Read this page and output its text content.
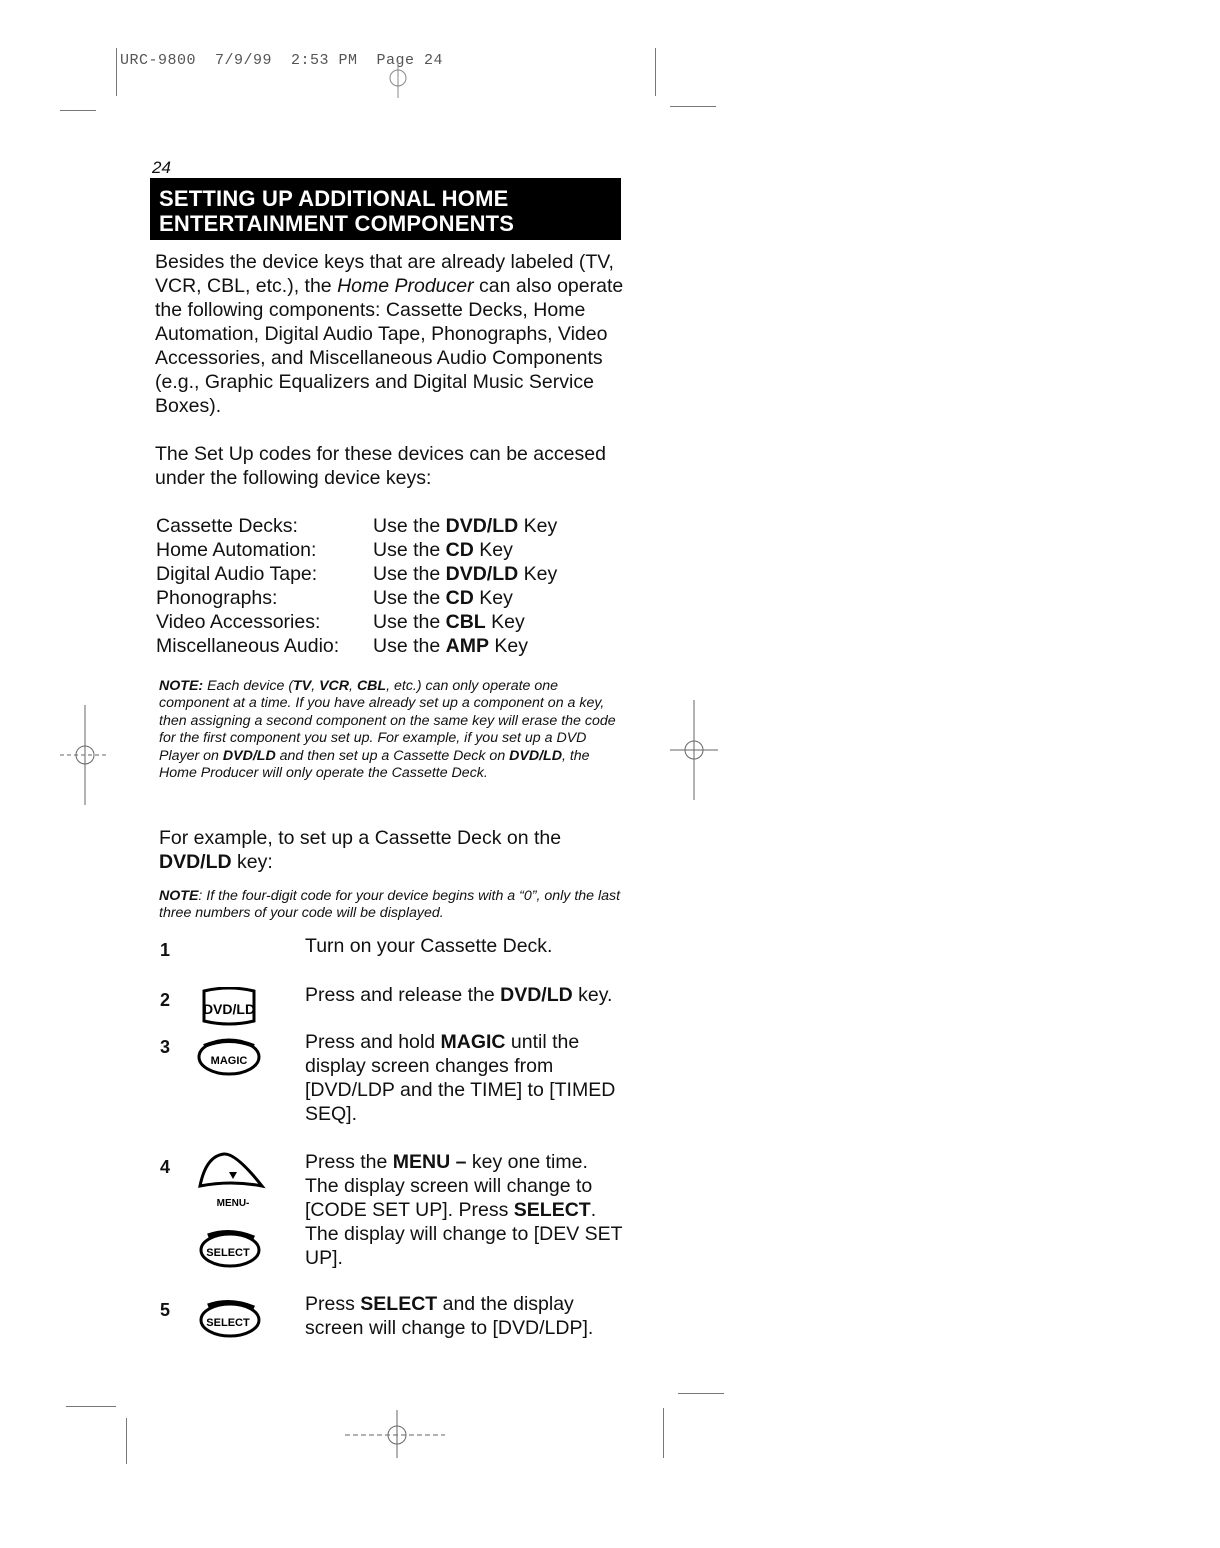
URC-9800  7/9/99  2:53 PM  Page 24
24
SETTING UP ADDITIONAL HOME
ENTERTAINMENT COMPONENTS
Besides the device keys that are already labeled (TV, VCR, CBL, etc.), the Home Producer can also operate the following components: Cassette Decks, Home Automation, Digital Audio Tape, Phonographs, Video Accessories, and Miscellaneous Audio Components (e.g., Graphic Equalizers and Digital Music Service Boxes).
The Set Up codes for these devices can be accesed under the following device keys:
Cassette Decks:	Use the DVD/LD Key
Home Automation:	Use the CD Key
Digital Audio Tape:	Use the DVD/LD Key
Phonographs:	Use the CD Key
Video Accessories:	Use the CBL Key
Miscellaneous Audio:	Use the AMP Key
NOTE: Each device (TV, VCR, CBL, etc.) can only operate one component at a time. If you have already set up a component on a key, then assigning a second component on the same key will erase the code for the first component you set up. For example, if you set up a DVD Player on DVD/LD and then set up a Cassette Deck on DVD/LD, the Home Producer will only operate the Cassette Deck.
For example, to set up a Cassette Deck on the DVD/LD key:
NOTE: If the four-digit code for your device begins with a “0”, only the last three numbers of your code will be displayed.
1	Turn on your Cassette Deck.
2 DVD/LD
Press and release the DVD/LD key.
3
MAGIC
Press and hold MAGIC until the display screen changes from [DVD/LDP and the TIME] to [TIMED SEQ].
4
MENU-
SELECT
Press the MENU – key one time. The display screen will change to [CODE SET UP]. Press SELECT. The display will change to [DEV SET UP].
5
SELECT
Press SELECT and the display screen will change to [DVD/LDP].
